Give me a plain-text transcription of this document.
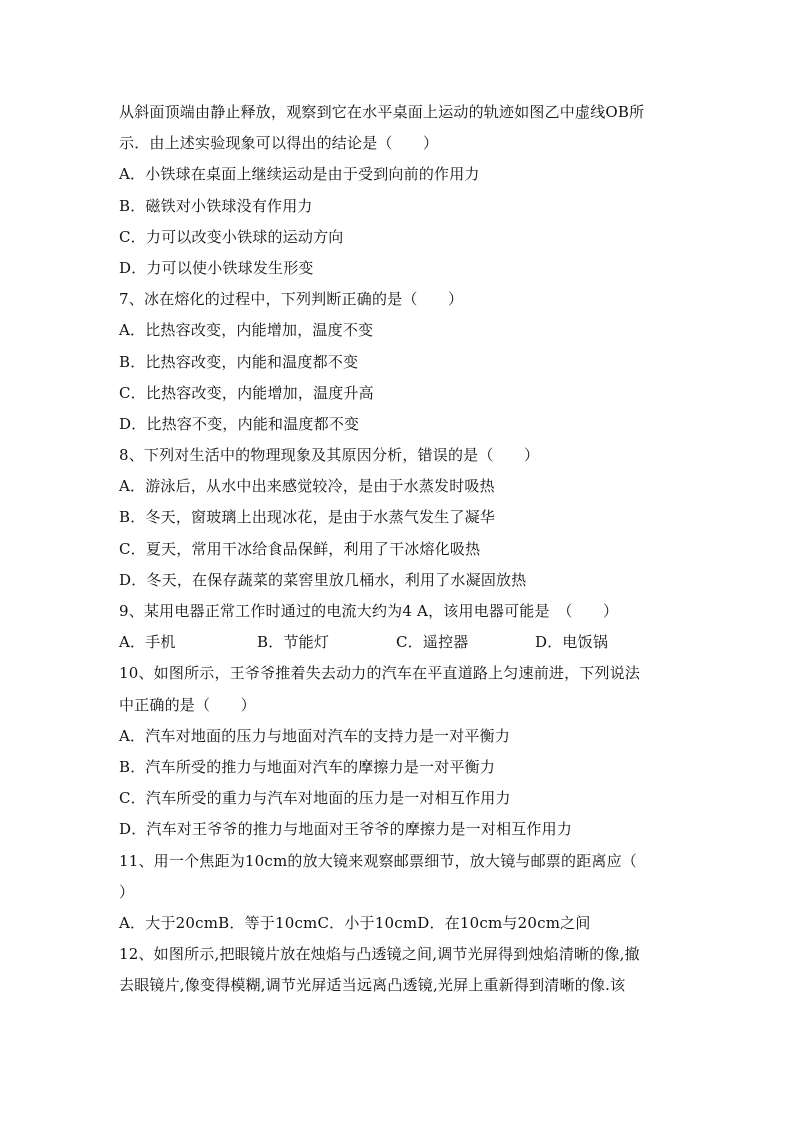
从斜面顶端由静止释放，观察到它在水平桌面上运动的轨迹如图乙中虚线OB所
示．由上述实验现象可以得出的结论是（　　）
A．小铁球在桌面上继续运动是由于受到向前的作用力
B．磁铁对小铁球没有作用力
C．力可以改变小铁球的运动方向
D．力可以使小铁球发生形变
7、冰在熔化的过程中，下列判断正确的是（　　）
A．比热容改变，内能增加，温度不变
B．比热容改变，内能和温度都不变
C．比热容改变，内能增加，温度升高
D．比热容不变，内能和温度都不变
8、下列对生活中的物理现象及其原因分析，错误的是（　　）
A．游泳后，从水中出来感觉较冷，是由于水蒸发时吸热
B．冬天，窗玻璃上出现冰花，是由于水蒸气发生了凝华
C．夏天，常用干冰给食品保鲜，利用了干冰熔化吸热
D．冬天，在保存蔬菜的菜窖里放几桶水，利用了水凝固放热
9、某用电器正常工作时通过的电流大约为4 A，该用电器可能是　（　　）
A．手机	B．节能灯	C．遥控器	D．电饭锅
10、如图所示，王爷爷推着失去动力的汽车在平直道路上匀速前进，下列说法
中正确的是（　　）
A．汽车对地面的压力与地面对汽车的支持力是一对平衡力
B．汽车所受的推力与地面对汽车的摩擦力是一对平衡力
C．汽车所受的重力与汽车对地面的压力是一对相互作用力
D．汽车对王爷爷的推力与地面对王爷爷的摩擦力是一对相互作用力
11、用一个焦距为10cm的放大镜来观察邮票细节，放大镜与邮票的距离应（
）
A．大于20cmB．等于10cmC．小于10cmD．在10cm与20cm之间
12、如图所示,把眼镜片放在烛焰与凸透镜之间,调节光屏得到烛焰清晰的像,撤
去眼镜片,像变得模糊,调节光屏适当远离凸透镜,光屏上重新得到清晰的像.该
